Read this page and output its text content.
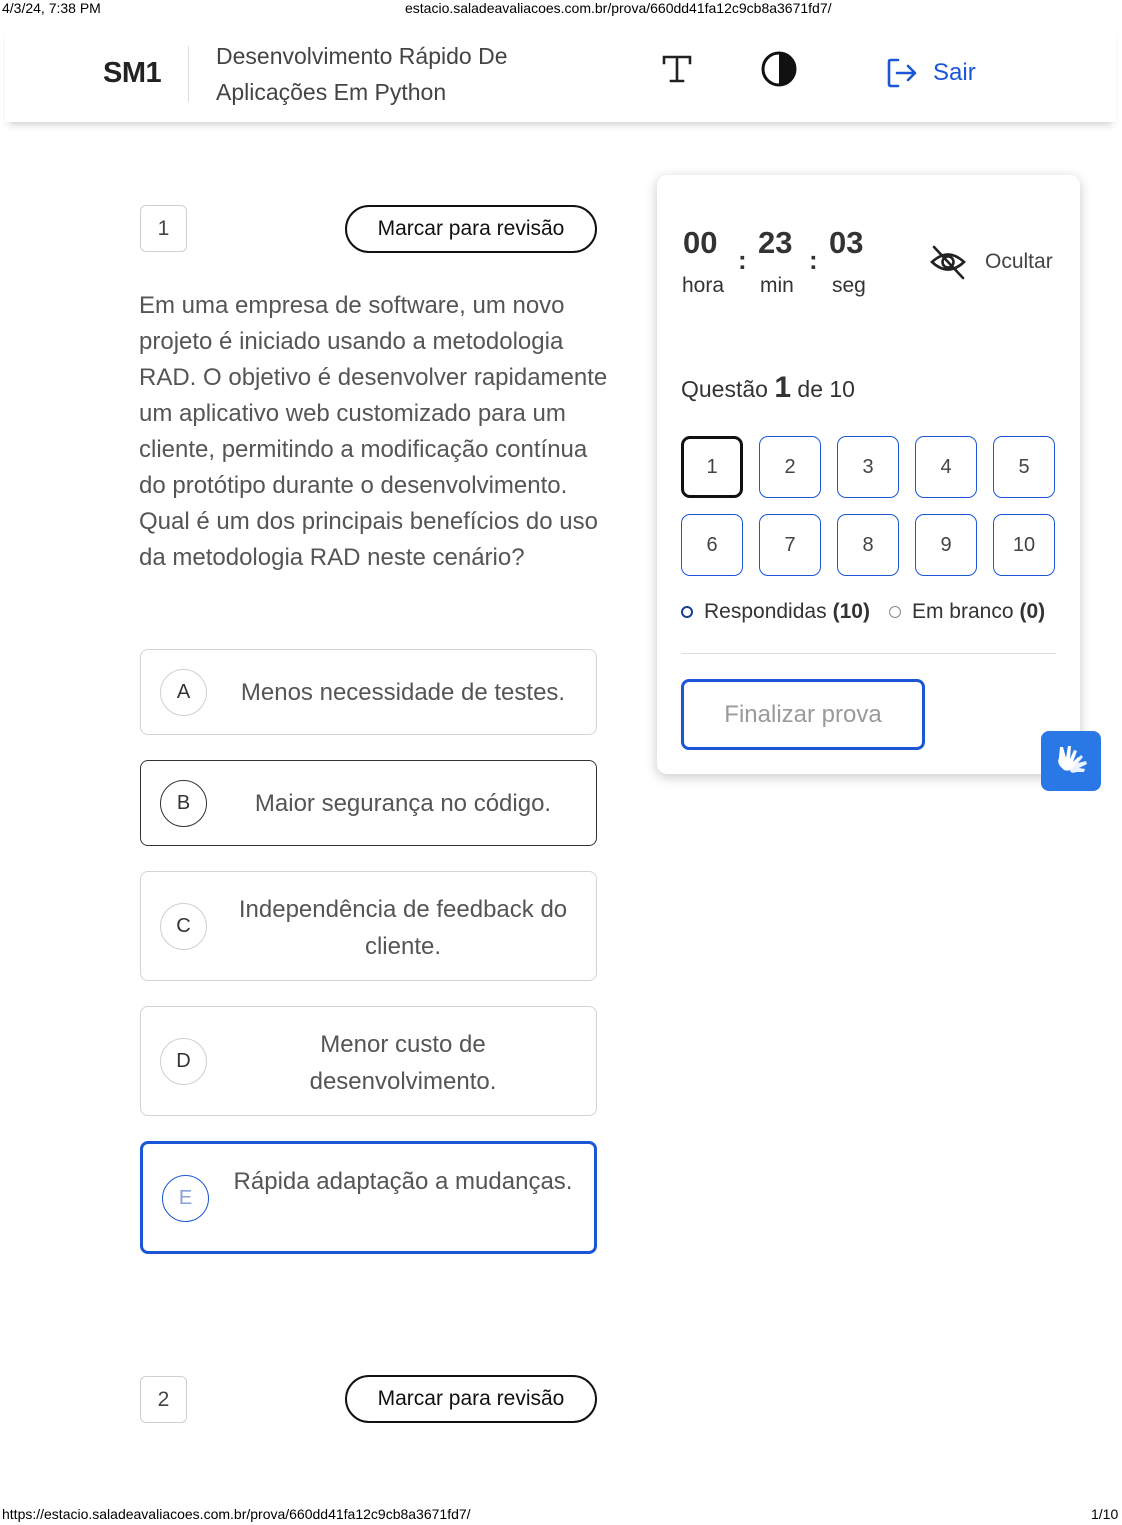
4/3/24, 7:38 PM	estacio.saladeavaliacoes.com.br/prova/660dd41fa12c9cb8a3671fd7/
SM1
Desenvolvimento Rápido De Aplicações Em Python
Sair
1	Marcar para revisão
Em uma empresa de software, um novo projeto é iniciado usando a metodologia RAD. O objetivo é desenvolver rapidamente um aplicativo web customizado para um cliente, permitindo a modificação contínua do protótipo durante o desenvolvimento. Qual é um dos principais benefícios do uso da metodologia RAD neste cenário?
A	Menos necessidade de testes.
B	Maior segurança no código.
C
Independência de feedback do cliente.
D
Menor custo de desenvolvimento.
E
Rápida adaptação a mudanças.
2	Marcar para revisão
00 : 23 : 03
hora min seg
Ocultar
Questão 1 de 10
1	2	3	4	5
6	7	8	9	10
Respondidas (10) Em branco (0)
Finalizar prova
https://estacio.saladeavaliacoes.com.br/prova/660dd41fa12c9cb8a3671fd7/	1/10
